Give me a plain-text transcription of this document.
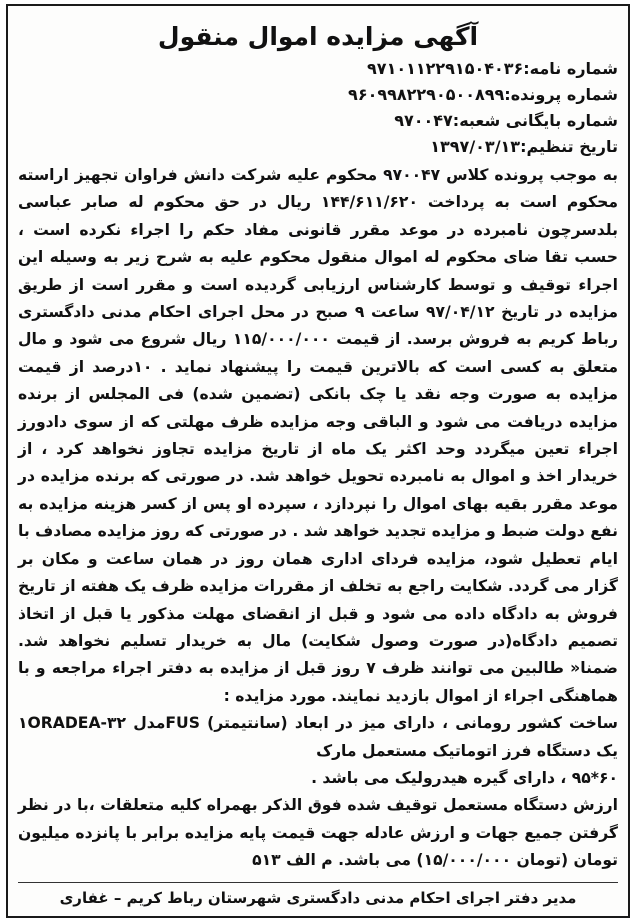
آگهی مزایده اموال منقول
شماره نامه:۹۷۱۰۱۱۲۲۹۱۵۰۴۰۳۶
شماره پرونده:۹۶۰۹۹۸۲۲۹۰۵۰۰۸۹۹
شماره بایگانی شعبه:۹۷۰۰۴۷
تاریخ تنظیم:۱۳۹۷/۰۳/۱۳

به موجب پرونده کلاس ۹۷۰۰۴۷ محکوم علیه شرکت دانش فراوان تجهیز اراسته محکوم است به پرداخت ۱۴۴/۶۱۱/۶۲۰ ریال در حق محکوم له صابر عباسی بلدسرچون نامبرده در موعد مقرر قانونی مفاد حکم را اجراء نکرده است ، حسب تقا ضای محکوم له اموال منقول محکوم علیه به شرح زیر به وسیله این اجراء توقیف و توسط کارشناس ارزیابی گردیده است و مقرر است از طریق مزایده در تاریخ ۹۷/۰۴/۱۲ ساعت ۹ صبح در محل اجرای احکام مدنی دادگستری رباط کریم به فروش برسد. از قیمت ۱۱۵/۰۰۰/۰۰۰ ریال شروع می شود و مال متعلق به کسی است که بالاترین قیمت را پیشنهاد نماید . ۱۰درصد از قیمت مزایده به صورت وجه نقد یا چک بانکی (تضمین شده) فی المجلس از برنده مزایده دریافت می شود و الباقی وجه مزایده ظرف مهلتی که از سوی دادورز اجراء تعین میگردد وحد اکثر یک ماه از تاریخ مزایده تجاوز نخواهد کرد ، از خریدار اخذ و اموال به نامبرده تحویل خواهد شد. در صورتی که برنده مزایده در موعد مقرر بقیه بهای اموال را نپردازد ، سپرده او پس از کسر هزینه مزایده به نفع دولت ضبط و مزایده تجدید خواهد شد . در صورتی که روز مزایده مصادف با ایام تعطیل شود، مزایده فردای اداری همان روز در همان ساعت و مکان بر گزار می گردد. شکایت راجع به تخلف از مقررات مزایده ظرف یک هفته از تاریخ فروش به دادگاه داده می شود و قبل از انقضای مهلت مذکور یا قبل از اتخاذ تصمیم دادگاه(در صورت وصول شکایت) مال به خریدار تسلیم نخواهد شد. ضمنا« طالبین می توانند ظرف ۷ روز قبل از مزایده به دفتر اجراء مراجعه و با هماهنگی اجراء از اموال بازدید نمایند. مورد مزایده :

ساخت کشور رومانی ، دارای میز در ابعاد (سانتیمتر) FUSمدل ۱ORADEA-۳۲ یک دستگاه فرز اتوماتیک مستعمل مارک

۶۰*۹۵ ، دارای گیره هیدرولیک می باشد .

ارزش دستگاه مستعمل توقیف شده فوق الذکر بهمراه کلیه متعلقات ،با در نظر گرفتن جمیع جهات و ارزش عادله جهت قیمت پایه مزایده برابر با پانزده میلیون تومان (تومان ۱۵/۰۰۰/۰۰۰) می باشد. م الف ۵۱۳

مدیر دفتر اجرای احکام مدنی دادگستری شهرستان رباط کریم – غفاری
